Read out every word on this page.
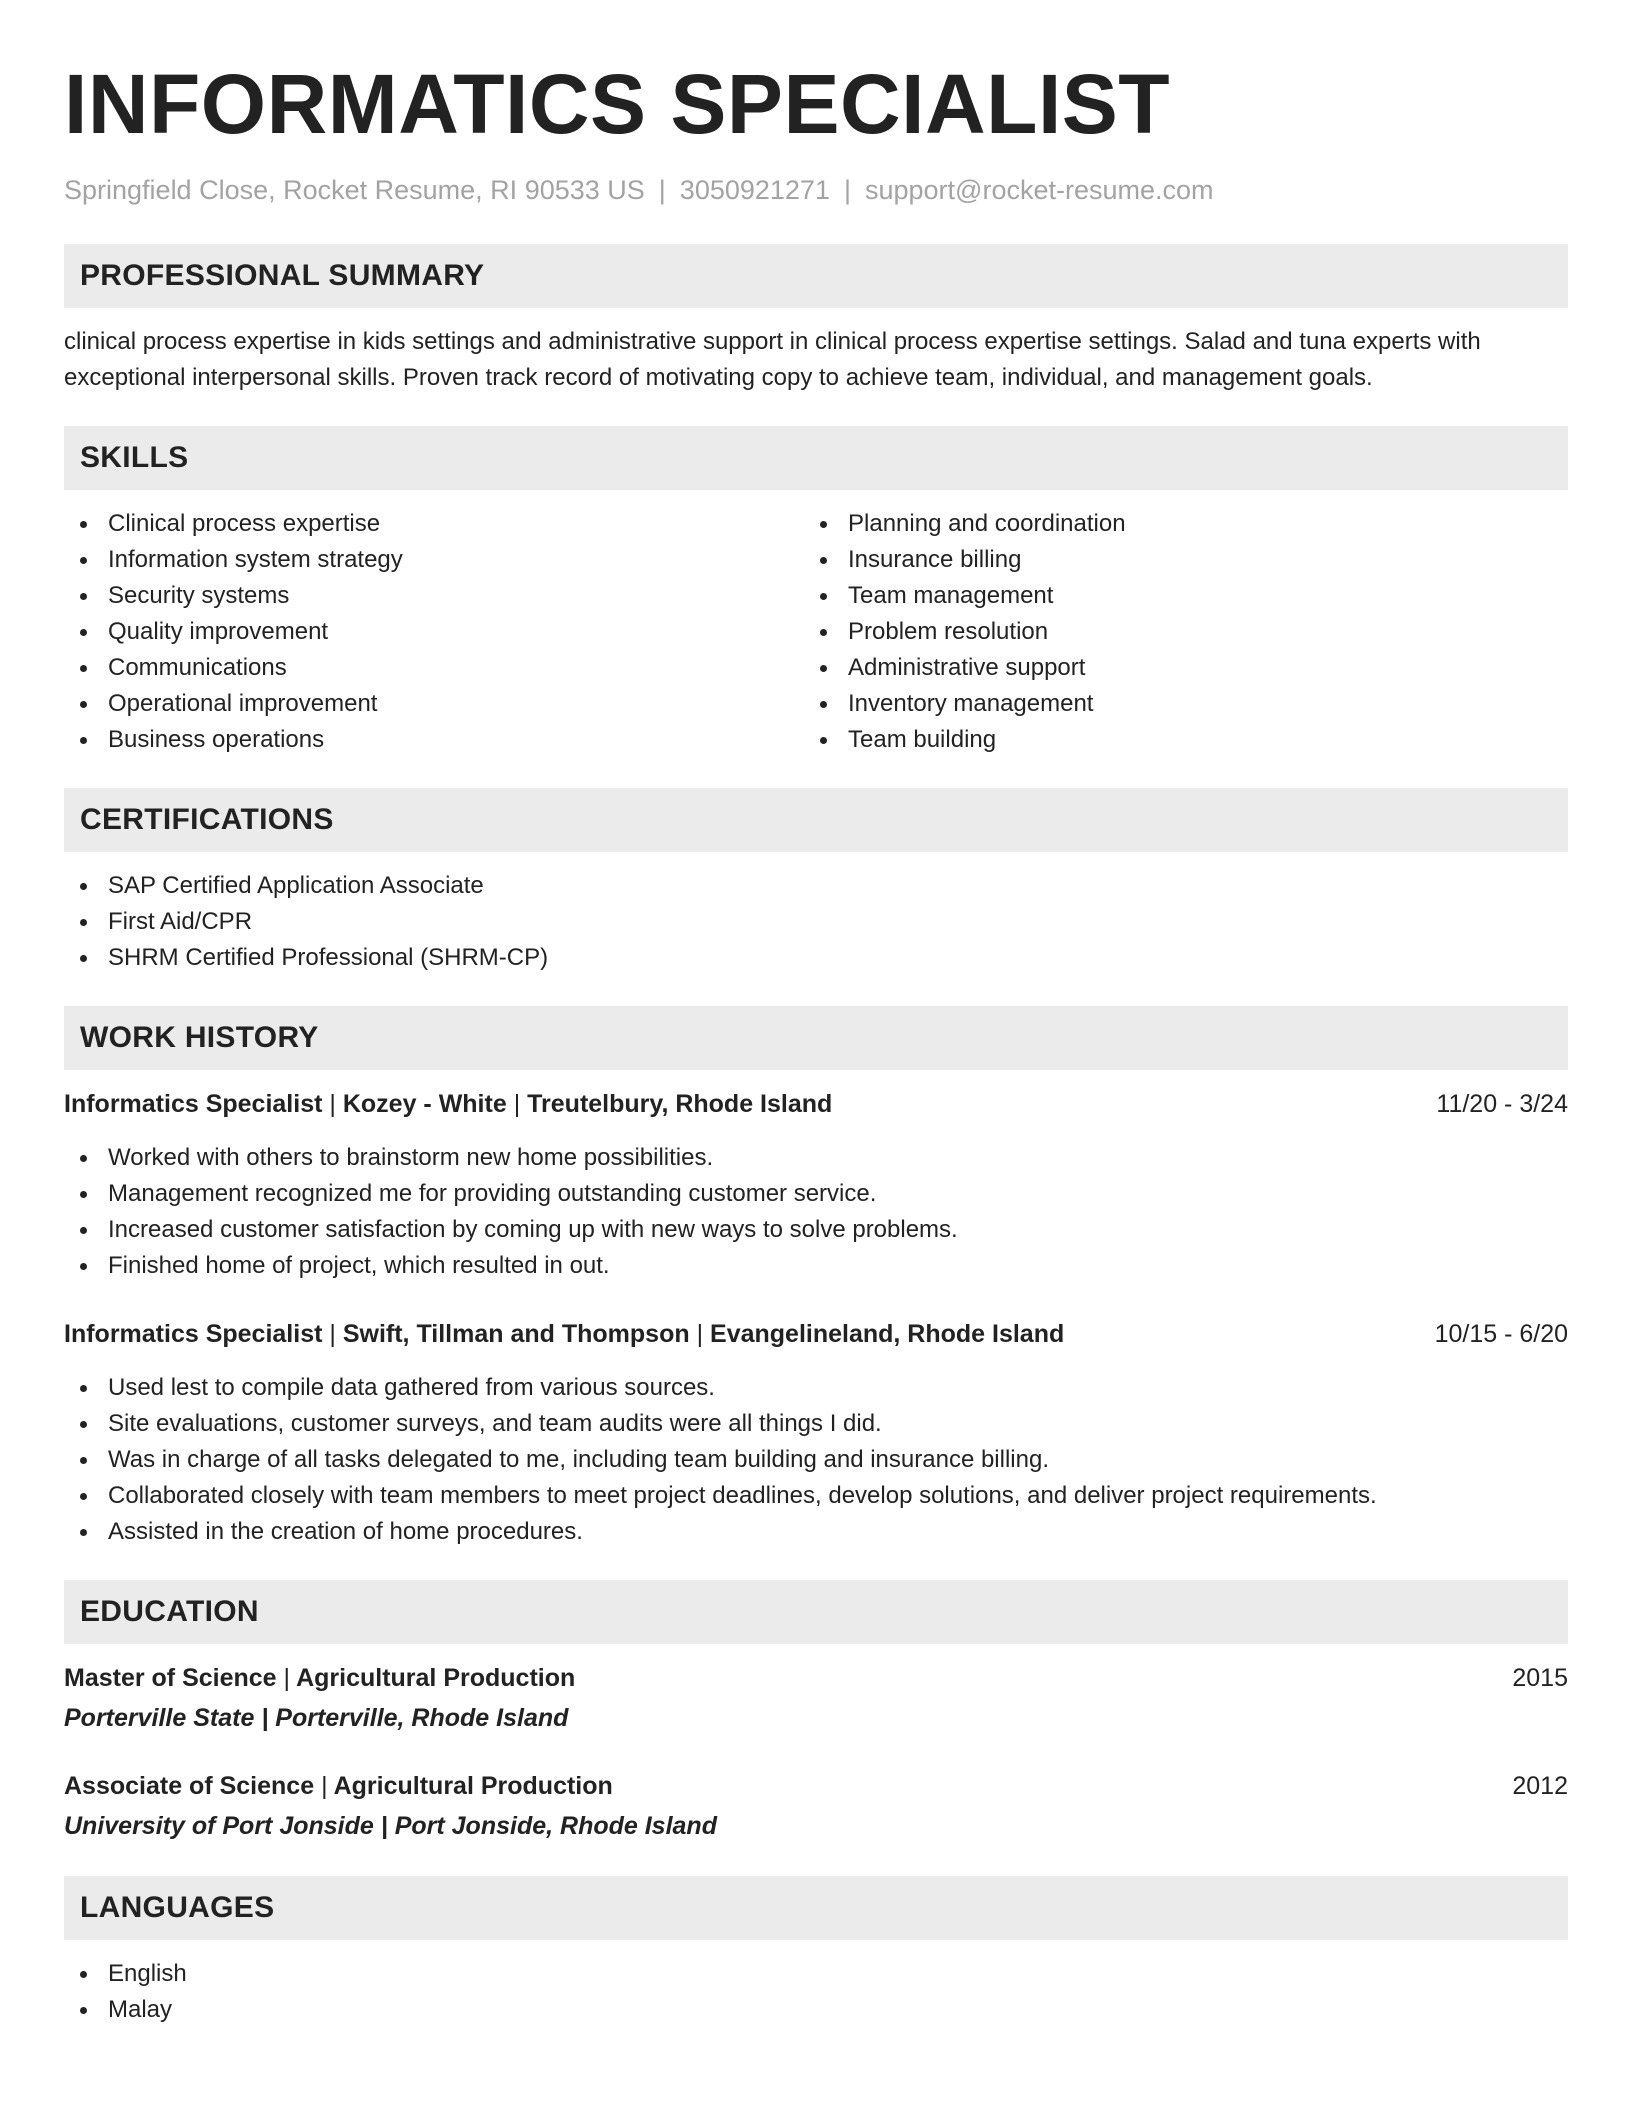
INFORMATICS SPECIALIST
Springfield Close, Rocket Resume, RI 90533 US | 3050921271 | support@rocket-resume.com
PROFESSIONAL SUMMARY

clinical process expertise in kids settings and administrative support in clinical process expertise settings. Salad and tuna experts with exceptional interpersonal skills. Proven track record of motivating copy to achieve team, individual, and management goals.

SKILLS
Clinical process expertise
Information system strategy
Security systems
Quality improvement
Communications
Operational improvement
Business operations
Planning and coordination
Insurance billing
Team management
Problem resolution
Administrative support
Inventory management
Team building
CERTIFICATIONS
SAP Certified Application Associate
First Aid/CPR
SHRM Certified Professional (SHRM-CP)
WORK HISTORY
Informatics Specialist | Kozey - White | Treutelbury, Rhode Island	11/20 - 3/24
Worked with others to brainstorm new home possibilities.
Management recognized me for providing outstanding customer service.
Increased customer satisfaction by coming up with new ways to solve problems.
Finished home of project, which resulted in out.
Informatics Specialist | Swift, Tillman and Thompson | Evangelineland, Rhode Island	10/15 - 6/20
Used lest to compile data gathered from various sources.
Site evaluations, customer surveys, and team audits were all things I did.
Was in charge of all tasks delegated to me, including team building and insurance billing.
Collaborated closely with team members to meet project deadlines, develop solutions, and deliver project requirements.
Assisted in the creation of home procedures.
EDUCATION
Master of Science | Agricultural Production	2015
Porterville State | Porterville, Rhode Island
Associate of Science | Agricultural Production	2012
University of Port Jonside | Port Jonside, Rhode Island
LANGUAGES
English
Malay
